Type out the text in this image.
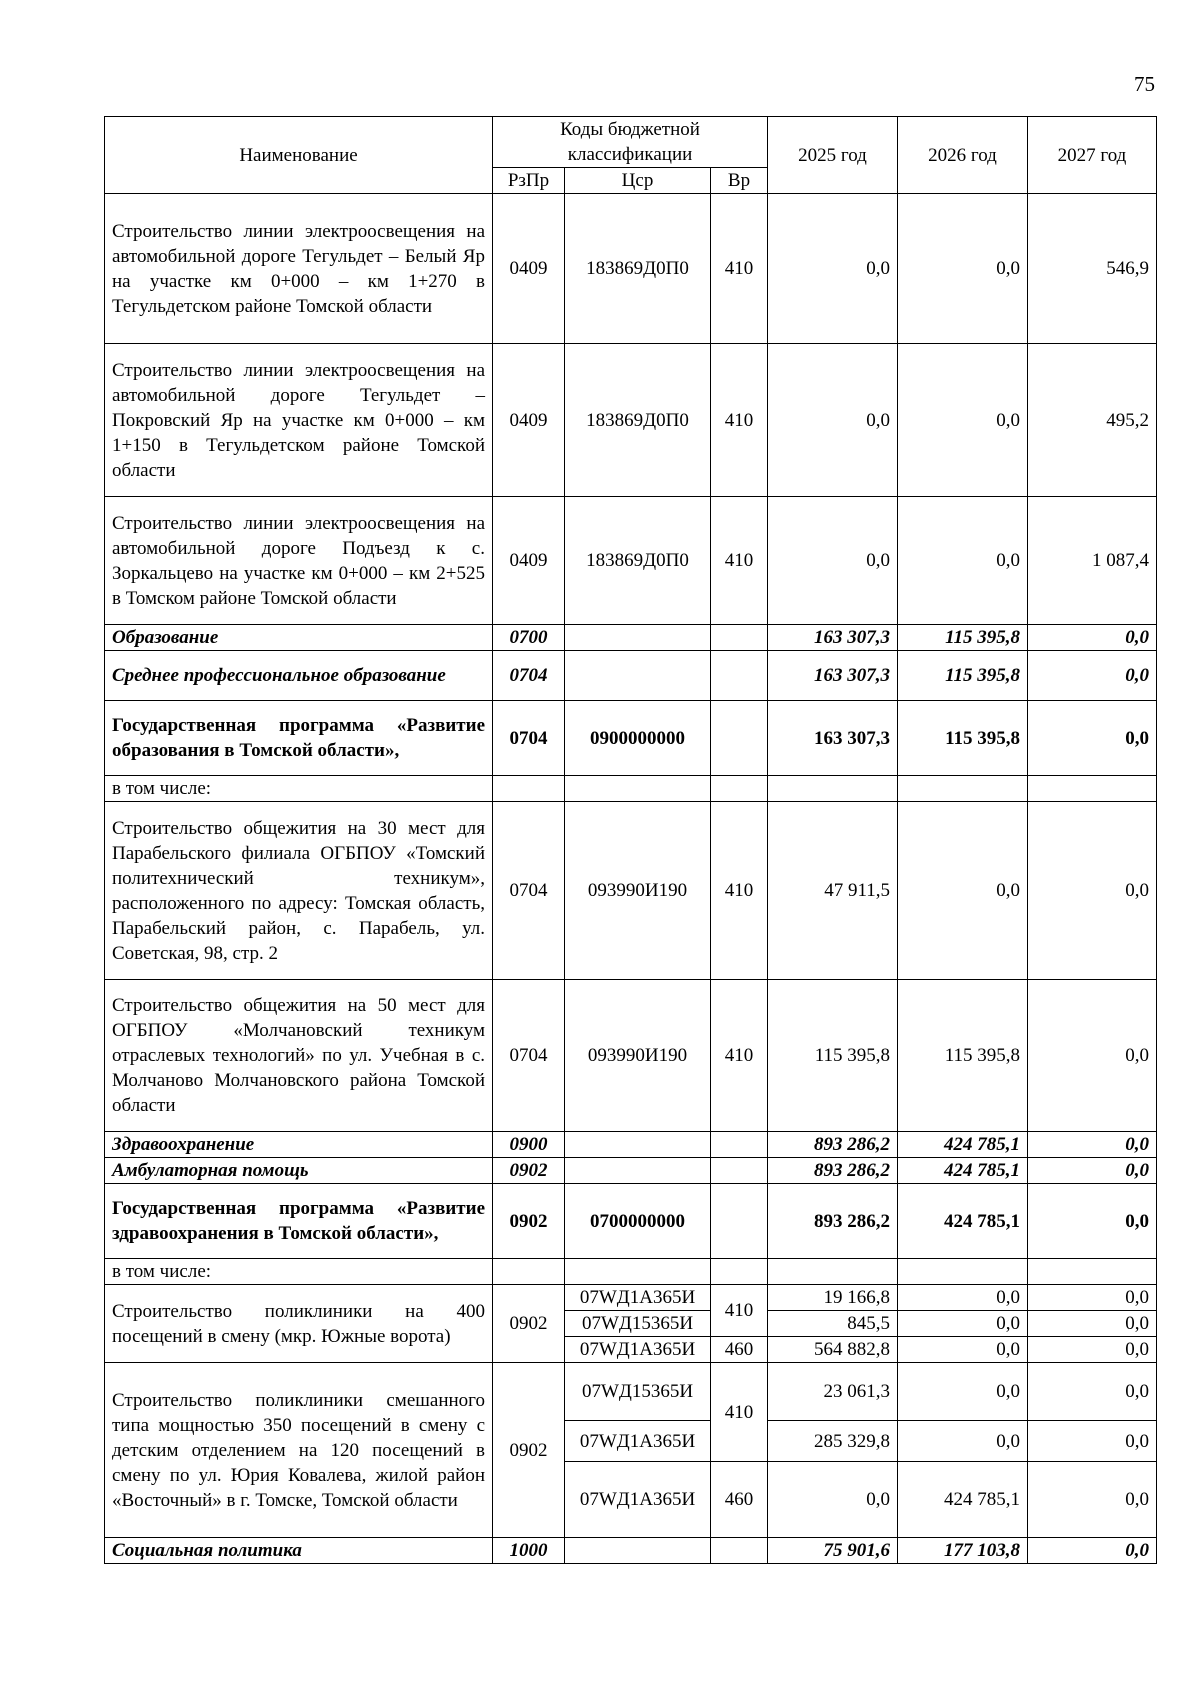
75
Наименование	Коды бюджетной классификации			2025 год	2026 год	2027 год
	РзПр	Цср	Вр			
Строительство линии электроосвещения на автомобильной дороге Тегульдет – Белый Яр на участке км 0+000 – км 1+270 в Тегульдетском районе Томской области	0409	183869Д0П0	410	0,0	0,0	546,9
Строительство линии электроосвещения на автомобильной дороге Тегульдет – Покровский Яр на участке км 0+000 – км 1+150 в Тегульдетском районе Томской области	0409	183869Д0П0	410	0,0	0,0	495,2
Строительство линии электроосвещения на автомобильной дороге Подъезд к с. Зоркальцево на участке км 0+000 – км 2+525 в Томском районе Томской области	0409	183869Д0П0	410	0,0	0,0	1 087,4
Образование	0700			163 307,3	115 395,8	0,0
Среднее профессиональное образование	0704			163 307,3	115 395,8	0,0
Государственная программа «Развитие образования в Томской области»,	0704	0900000000		163 307,3	115 395,8	0,0
в том числе:						
Строительство общежития на 30 мест для Парабельского филиала ОГБПОУ «Томский политехнический техникум», расположенного по адресу: Томская область, Парабельский район, с. Парабель, ул. Советская, 98, стр. 2	0704	093990И190	410	47 911,5	0,0	0,0
Строительство общежития на 50 мест для ОГБПОУ «Молчановский техникум отраслевых технологий» по ул. Учебная в с. Молчаново Молчановского района Томской области	0704	093990И190	410	115 395,8	115 395,8	0,0
Здравоохранение	0900			893 286,2	424 785,1	0,0
Амбулаторная помощь	0902			893 286,2	424 785,1	0,0
Государственная программа «Развитие здравоохранения в Томской области»,	0902	0700000000		893 286,2	424 785,1	0,0
в том числе:						
Строительство поликлиники на 400 посещений в смену (мкр. Южные ворота)	0902	07WД1А365И	410	19 166,8	0,0	0,0
		07WД15365И		845,5	0,0	0,0
		07WД1А365И	460	564 882,8	0,0	0,0
Строительство поликлиники смешанного типа мощностью 350 посещений в смену с детским отделением на 120 посещений в смену по ул. Юрия Ковалева, жилой район «Восточный» в г. Томске, Томской области	0902	07WД15365И	410	23 061,3	0,0	0,0
		07WД1А365И		285 329,8	0,0	0,0
		07WД1А365И	460	0,0	424 785,1	0,0
Социальная политика	1000			75 901,6	177 103,8	0,0
